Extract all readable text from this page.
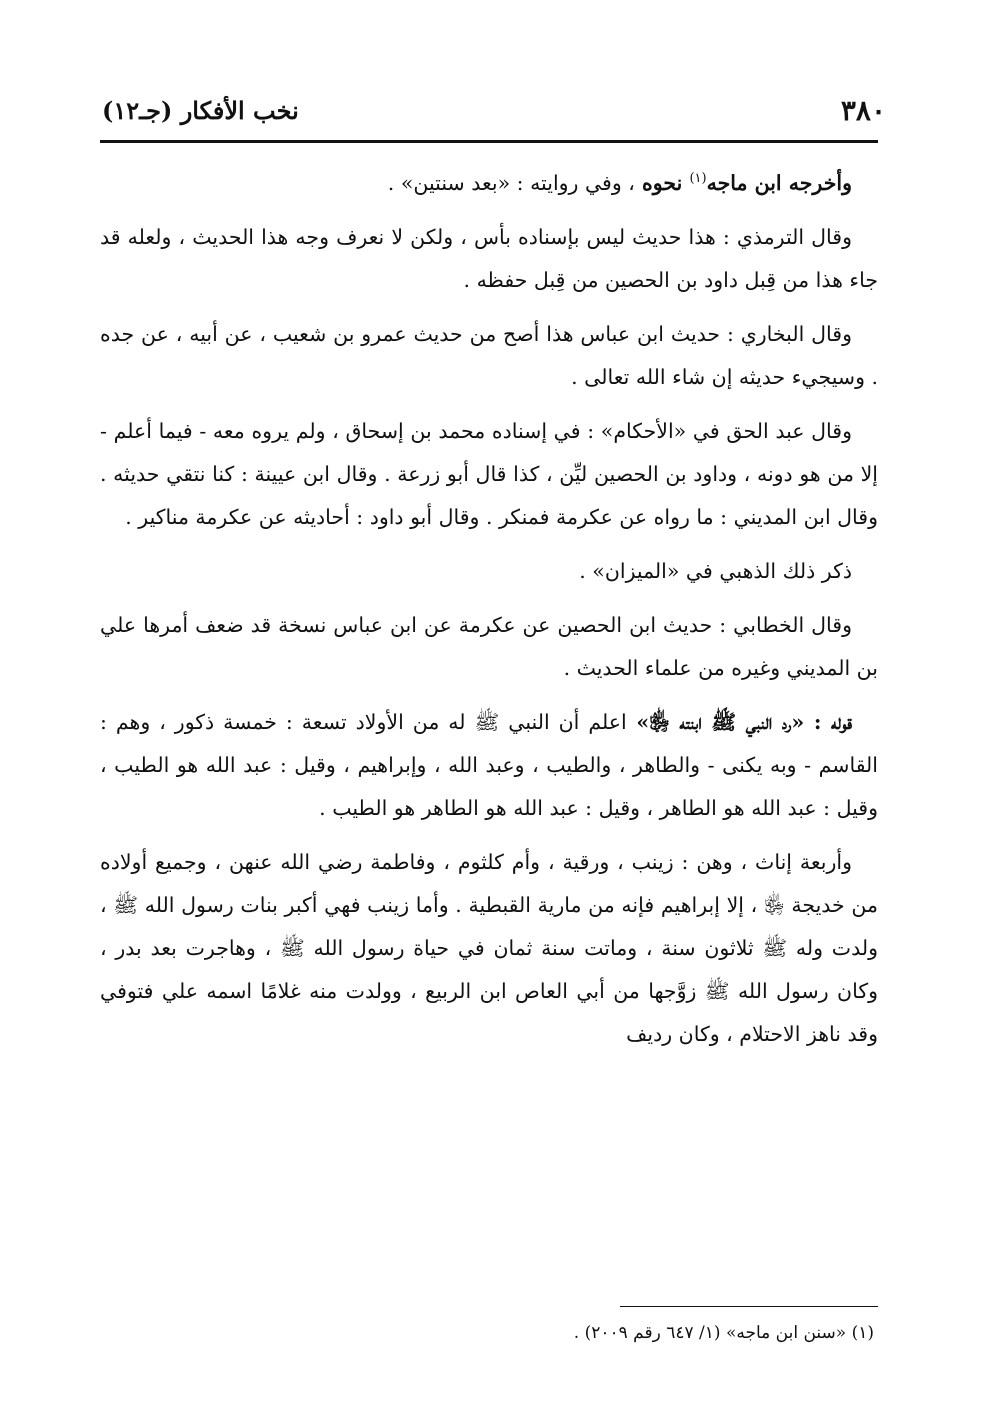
٣٨٠
نخب الأفكار (جـ١٢)

وأخرجه ابن ماجه$^{(١)}$ نحوه ، وفي روايته : «بعد سنتين» .

وقال الترمذي : هذا حديث ليس بإسناده بأس ، ولكن لا نعرف وجه هذا الحديث ، ولعله قد جاء هذا من قِبل داود بن الحصين من قِبل حفظه .

وقال البخاري : حديث ابن عباس هذا أصح من حديث عمرو بن شعيب ، عن أبيه ، عن جده . وسيجيء حديثه إن شاء الله تعالى .

وقال عبد الحق في «الأحكام» : في إسناده محمد بن إسحاق ، ولم يروه معه - فيما أعلم - إلا من هو دونه ، وداود بن الحصين ليِّن ، كذا قال أبو زرعة . وقال ابن عيينة : كنا نتقي حديثه . وقال ابن المديني : ما رواه عن عكرمة فمنكر . وقال أبو داود : أحاديثه عن عكرمة مناكير .

ذكر ذلك الذهبي في «الميزان» .

وقال الخطابي : حديث ابن الحصين عن عكرمة عن ابن عباس نسخة قد ضعف أمرها علي بن المديني وغيره من علماء الحديث .

قوله : «رد النبي ﷺ ابنته ﵂» اعلم أن النبي ﷺ له من الأولاد تسعة : خمسة ذكور ، وهم : القاسم - وبه يكنى - والطاهر ، والطيب ، وعبد الله ، وإبراهيم ، وقيل : عبد الله هو الطيب ، وقيل : عبد الله هو الطاهر ، وقيل : عبد الله هو الطاهر هو الطيب .

وأربعة إناث ، وهن : زينب ، ورقية ، وأم كلثوم ، وفاطمة رضي الله عنهن ، وجميع أولاده من خديجة ﵂ ، إلا إبراهيم فإنه من مارية القبطية . وأما زينب فهي أكبر بنات رسول الله ﷺ ، ولدت وله ﷺ ثلاثون سنة ، وماتت سنة ثمان في حياة رسول الله ﷺ ، وهاجرت بعد بدر ، وكان رسول الله ﷺ زوَّجها من أبي العاص ابن الربيع ، وولدت منه غلامًا اسمه علي فتوفي وقد ناهز الاحتلام ، وكان رديف

(١) «سنن ابن ماجه» (١/ ٦٤٧ رقم ٢٠٠٩) .
